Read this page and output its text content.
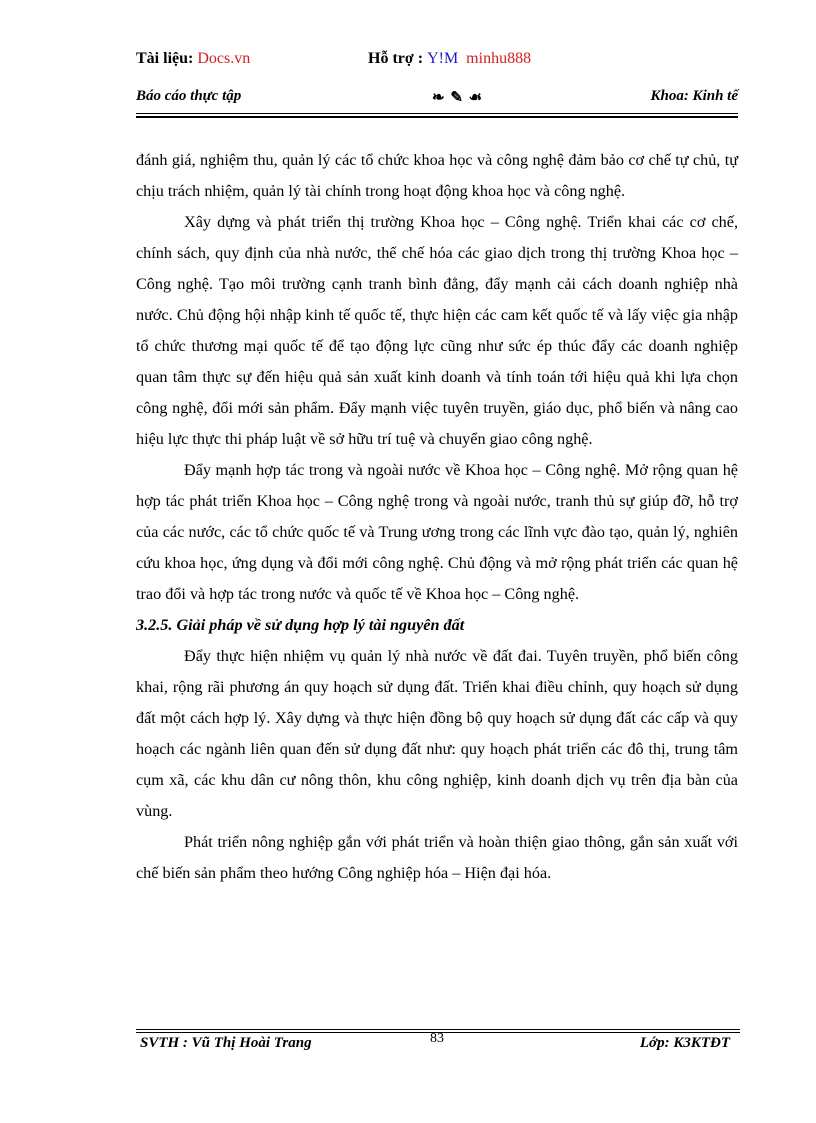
Tài liệu: Docs.vn	Hỗ trợ : Y!M minhu888
Báo cáo thực tập	❧ ✎ ☙	Khoa: Kinh tế

đánh giá, nghiệm thu, quản lý các tổ chức khoa học và công nghệ đảm bảo cơ chế tự chủ, tự chịu trách nhiệm, quản lý tài chính trong hoạt động khoa học và công nghệ.

Xây dựng và phát triển thị trường Khoa học – Công nghệ. Triển khai các cơ chế, chính sách, quy định của nhà nước, thể chế hóa các giao dịch trong thị trường Khoa học – Công nghệ. Tạo môi trường cạnh tranh bình đẳng, đẩy mạnh cải cách doanh nghiệp nhà nước. Chủ động hội nhập kinh tế quốc tế, thực hiện các cam kết quốc tế và lấy việc gia nhập tổ chức thương mại quốc tế để tạo động lực cũng như sức ép thúc đẩy các doanh nghiệp quan tâm thực sự đến hiệu quả sản xuất kinh doanh và tính toán tới hiệu quả khi lựa chọn công nghệ, đổi mới sản phẩm. Đẩy mạnh việc tuyên truyền, giáo dục, phổ biến và nâng cao hiệu lực thực thi pháp luật về sở hữu trí tuệ và chuyển giao công nghệ.

Đẩy mạnh hợp tác trong và ngoài nước về Khoa học – Công nghệ. Mở rộng quan hệ hợp tác phát triển Khoa học – Công nghệ trong và ngoài nước, tranh thủ sự giúp đỡ, hỗ trợ của các nước, các tổ chức quốc tế và Trung ương trong các lĩnh vực đào tạo, quản lý, nghiên cứu khoa học, ứng dụng và đổi mới công nghệ. Chủ động và mở rộng phát triển các quan hệ trao đổi và hợp tác trong nước và quốc tế về Khoa học – Công nghệ.

3.2.5. Giải pháp về sử dụng hợp lý tài nguyên đất

Đẩy thực hiện nhiệm vụ quản lý nhà nước về đất đai. Tuyên truyền, phổ biến công khai, rộng rãi phương án quy hoạch sử dụng đất. Triển khai điều chỉnh, quy hoạch sử dụng đất một cách hợp lý. Xây dựng và thực hiện đồng bộ quy hoạch sử dụng đất các cấp và quy hoạch các ngành liên quan đến sử dụng đất như: quy hoạch phát triển các đô thị, trung tâm cụm xã, các khu dân cư nông thôn, khu công nghiệp, kinh doanh dịch vụ trên địa bàn của vùng.

Phát triển nông nghiệp gắn với phát triển và hoàn thiện giao thông, gắn sản xuất với chế biến sản phẩm theo hướng Công nghiệp hóa – Hiện đại hóa.

SVTH : Vũ Thị Hoài Trang	83	Lớp: K3KTĐT
